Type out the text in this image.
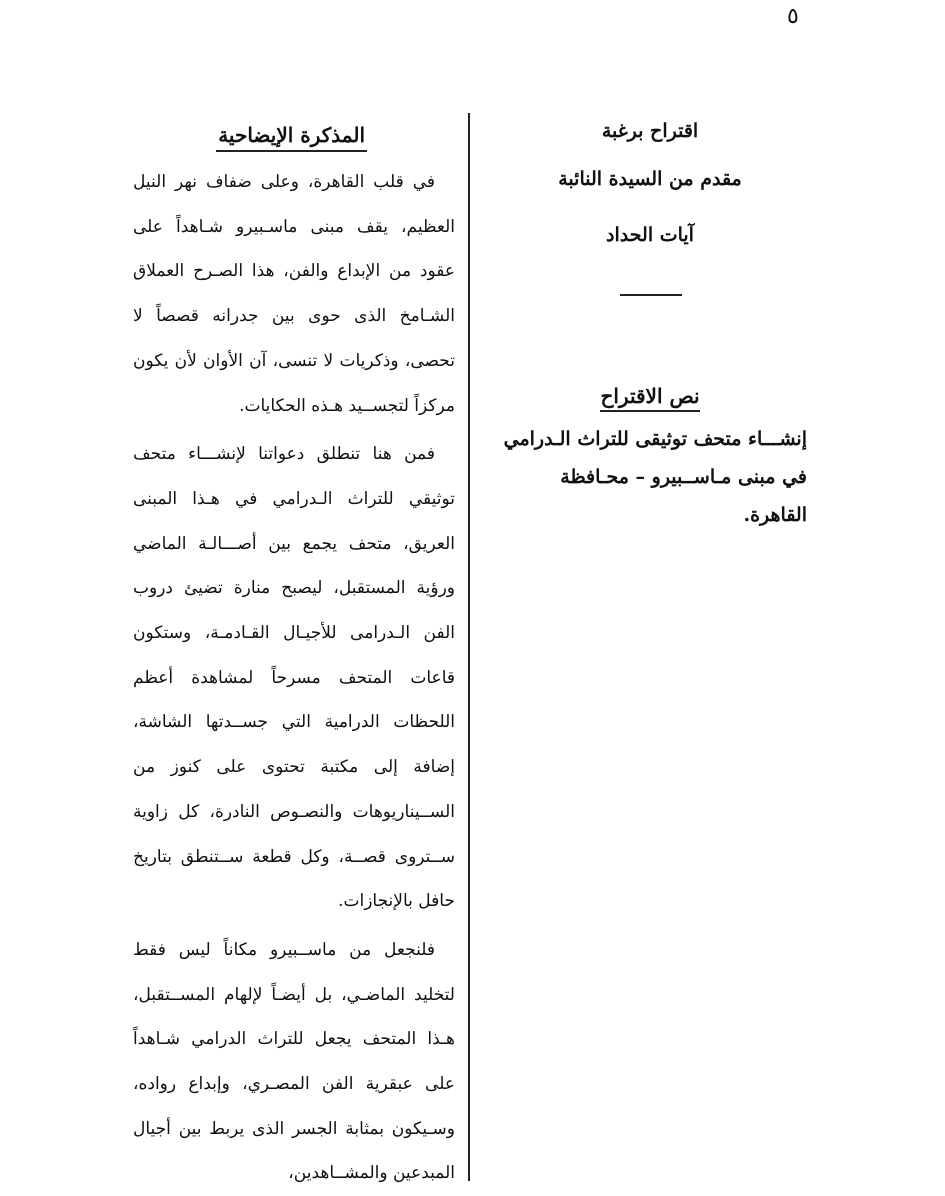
٥
اقتراح برغبة
مقدم من السيدة النائبة
آيات الحداد
نص الاقتراح
إنشـــاء متحف توثيقى للتراث الـدرامي في مبنى مـاســبيرو – محـافظة القاهرة.
المذكرة الإيضاحية

في قلب القاهرة، وعلى ضفاف نهر النيل العظيم، يقف مبنى ماسـبيرو شـاهداً على عقود من الإبداع والفن، هذا الصـرح العملاق الشـامخ الذى حوى بين جدرانه قصصاً لا تحصى، وذكريات لا تنسى، آن الأوان لأن يكون مركزاً لتجســيد هـذه الحكايات.

فمن هنا تنطلق دعواتنا لإنشـــاء متحف توثيقي للتراث الـدرامي في هـذا المبنى العريق، متحف يجمع بين أصـــالـة الماضي ورؤية المستقبل، ليصبح منارة تضيئ دروب الفن الـدرامى للأجيـال القـادمـة، وستكون قاعات المتحف مسرحاً لمشاهدة أعظم اللحظات الدرامية التي جســدتها الشاشة، إضافة إلى مكتبة تحتوى على كنوز من الســيناريوهات والنصـوص النادرة، كل زاوية ســتروى قصــة، وكل قطعة ســتنطق بتاريخ حافل بالإنجازات.

فلنجعل من ماســبيرو مكاناً ليس فقط لتخليد الماضـي، بل أيضـاً لإلهام المســتقبل، هـذا المتحف يجعل للتراث الدرامي شـاهداً على عبقرية الفن المصـري، وإبداع رواده، وسـيكون بمثابة الجسر الذى يربط بين أجيال المبدعين والمشــاهدين،
